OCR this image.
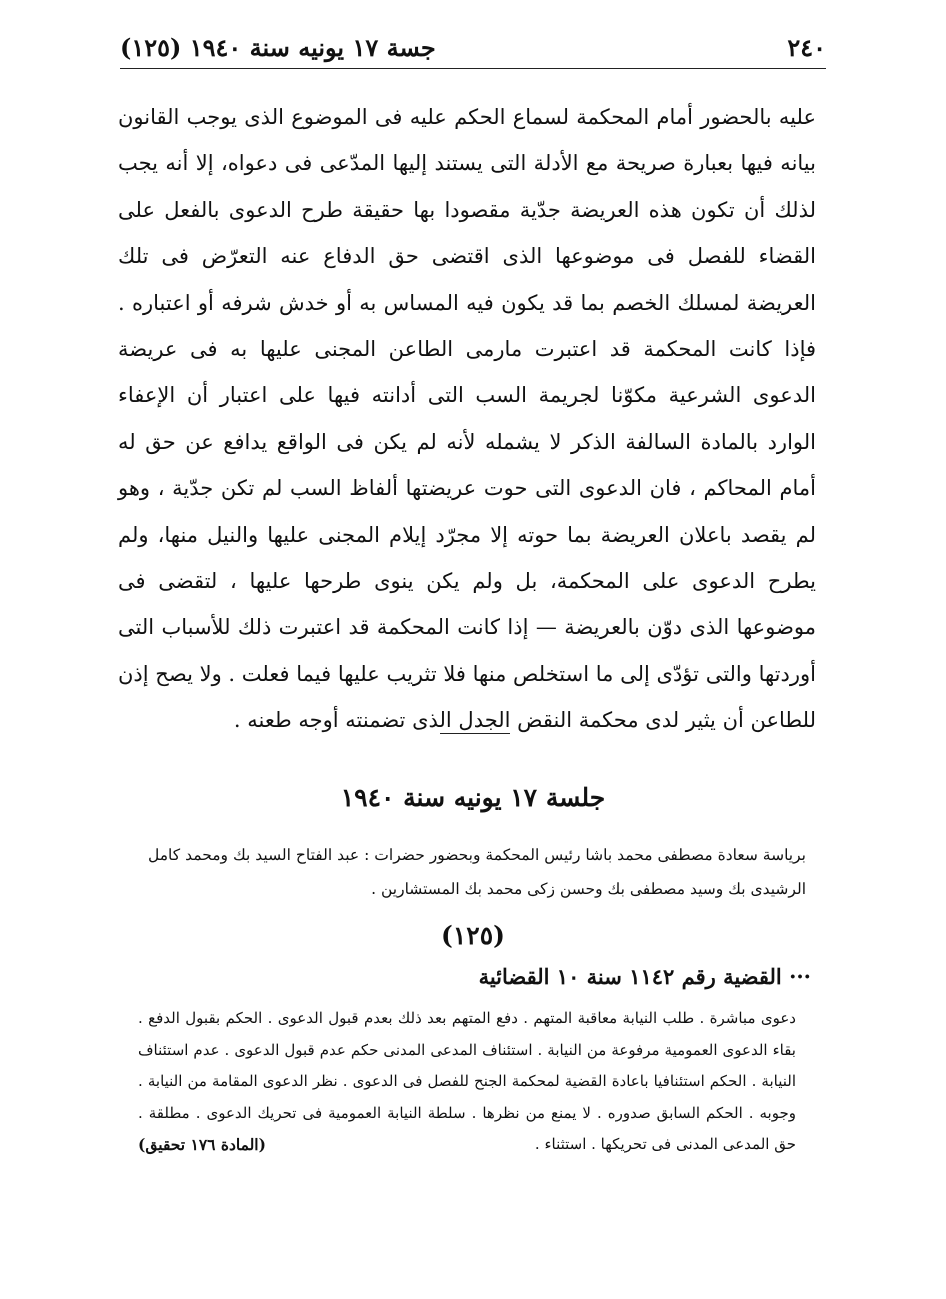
٢٤٠
جسة ١٧ يونيه سنة ١٩٤٠ (١٢٥)

عليه بالحضور أمام المحكمة لسماع الحكم عليه فى الموضوع الذى يوجب القانون بيانه فيها بعبارة صريحة مع الأدلة التى يستند إليها المدّعى فى دعواه، إلا أنه يجب لذلك أن تكون هذه العريضة جدّية مقصودا بها حقيقة طرح الدعوى بالفعل على القضاء للفصل فى موضوعها الذى اقتضى حق الدفاع عنه التعرّض فى تلك العريضة لمسلك الخصم بما قد يكون فيه المساس به أو خدش شرفه أو اعتباره . فإذا كانت المحكمة قد اعتبرت مارمى الطاعن المجنى عليها به فى عريضة الدعوى الشرعية مكوّنا لجريمة السب التى أدانته فيها على اعتبار أن الإعفاء الوارد بالمادة السالفة الذكر لا يشمله لأنه لم يكن فى الواقع يدافع عن حق له أمام المحاكم ، فان الدعوى التى حوت عريضتها ألفاظ السب لم تكن جدّية ، وهو لم يقصد باعلان العريضة بما حوته إلا مجرّد إيلام المجنى عليها والنيل منها، ولم يطرح الدعوى على المحكمة، بل ولم يكن ينوى طرحها عليها ، لتقضى فى موضوعها الذى دوّن بالعريضة — إذا كانت المحكمة قد اعتبرت ذلك للأسباب التى أوردتها والتى تؤدّى إلى ما استخلص منها فلا تثريب عليها فيما فعلت . ولا يصح إذن للطاعن أن يثير لدى محكمة النقض الجدل الذى تضمنته أوجه طعنه .

جلسة ١٧ يونيه سنة ١٩٤٠
برياسة سعادة مصطفى محمد باشا رئيس المحكمة وبحضور حضرات : عبد الفتاح السيد بك ومحمد كامل الرشيدى بك وسيد مصطفى بك وحسن زكى محمد بك المستشارين .
(١٢٥)
··· القضية رقم ١١٤٢ سنة ١٠ القضائية
دعوى مباشرة . طلب النيابة معاقبة المتهم . دفع المتهم بعد ذلك بعدم قبول الدعوى . الحكم بقبول الدفع . بقاء الدعوى العمومية مرفوعة من النيابة . استئناف المدعى المدنى حكم عدم قبول الدعوى . عدم استئناف النيابة . الحكم استئنافيا باعادة القضية لمحكمة الجنح للفصل فى الدعوى . نظر الدعوى المقامة من النيابة . وجوبه . الحكم السابق صدوره . لا يمنع من نظرها . سلطة النيابة العمومية فى تحريك الدعوى . مطلقة . حق المدعى المدنى فى تحريكها . استثناء .
(المادة ١٧٦ تحقيق)
